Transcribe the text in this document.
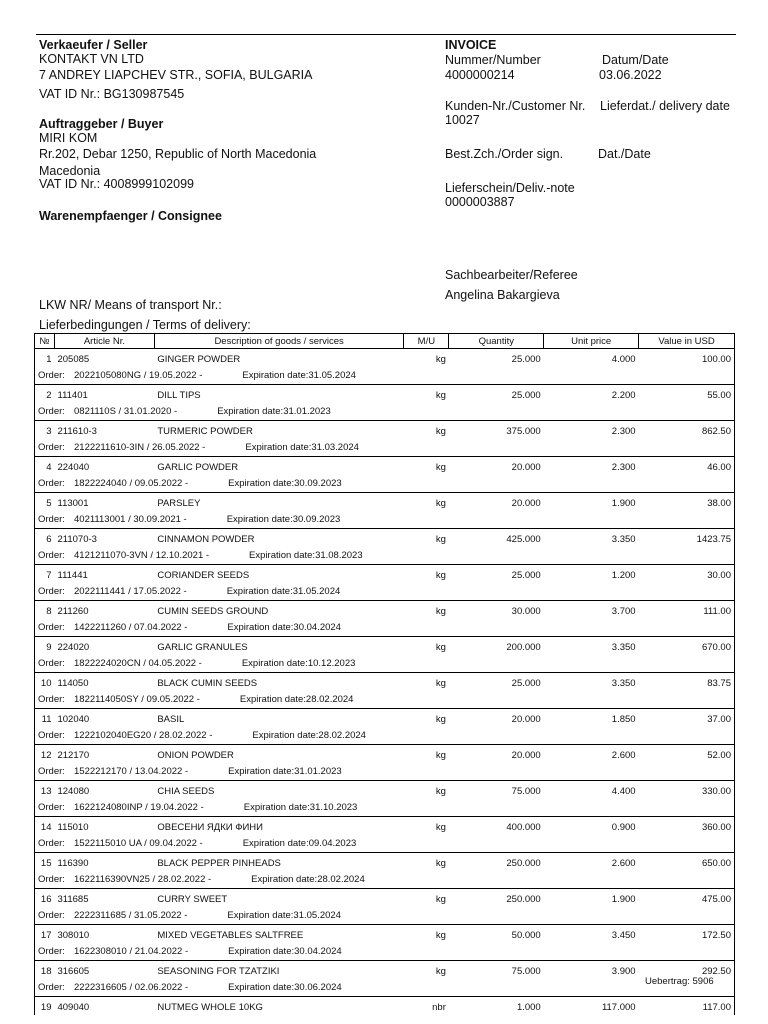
Verkaeufer / Seller
KONTAKT VN LTD
7 ANDREY LIAPCHEV STR., SOFIA, BULGARIA
VAT ID Nr.: BG130987545
Auftraggeber / Buyer
MIRI KOM
Rr.202, Debar 1250, Republic of North Macedonia
Macedonia
VAT ID Nr.: 4008999102099
Warenempfaenger / Consignee
LKW NR/ Means of transport Nr.:
Lieferbedingungen / Terms of delivery:
INVOICE
Nummer/Number	Datum/Date
4000000214	03.06.2022
Kunden-Nr./Customer Nr. Lieferdat./ delivery date
10027
Best.Zch./Order sign.	Dat./Date
Lieferschein/Deliv.-note
0000003887
Sachbearbeiter/Referee
Angelina Bakargieva
№	Article Nr.	Description of goods / services	M/U	Quantity	Unit price	Value in USD
1	205085	GINGER POWDER	kg	25.000	4.000	100.00
Order: 2022105080NG / 19.05.2022 - Expiration date:31.05.2024						
2	111401	DILL TIPS	kg	25.000	2.200	55.00
Order: 0821110S / 31.01.2020 - Expiration date:31.01.2023						
3	211610-3	TURMERIC POWDER	kg	375.000	2.300	862.50
Order: 2122211610-3IN / 26.05.2022 - Expiration date:31.03.2024						
4	224040	GARLIC POWDER	kg	20.000	2.300	46.00
Order: 1822224040 / 09.05.2022 - Expiration date:30.09.2023						
5	113001	PARSLEY	kg	20.000	1.900	38.00
Order: 4021113001 / 30.09.2021 - Expiration date:30.09.2023						
6	211070-3	CINNAMON POWDER	kg	425.000	3.350	1423.75
Order: 4121211070-3VN / 12.10.2021 - Expiration date:31.08.2023						
7	111441	CORIANDER SEEDS	kg	25.000	1.200	30.00
Order: 2022111441 / 17.05.2022 - Expiration date:31.05.2024						
8	211260	CUMIN SEEDS GROUND	kg	30.000	3.700	111.00
Order: 1422211260 / 07.04.2022 - Expiration date:30.04.2024						
9	224020	GARLIC GRANULES	kg	200.000	3.350	670.00
Order: 1822224020CN / 04.05.2022 - Expiration date:10.12.2023						
10	114050	BLACK CUMIN SEEDS	kg	25.000	3.350	83.75
Order: 1822114050SY / 09.05.2022 - Expiration date:28.02.2024						
11	102040	BASIL	kg	20.000	1.850	37.00
Order: 1222102040EG20 / 28.02.2022 - Expiration date:28.02.2024						
12	212170	ONION POWDER	kg	20.000	2.600	52.00
Order: 1522212170 / 13.04.2022 - Expiration date:31.01.2023						
13	124080	CHIA SEEDS	kg	75.000	4.400	330.00
Order: 1622124080INP / 19.04.2022 - Expiration date:31.10.2023						
14	115010	ОВЕСЕНИ ЯДКИ ФИНИ	kg	400.000	0.900	360.00
Order: 1522115010 UA / 09.04.2022 - Expiration date:09.04.2023						
15	116390	BLACK PEPPER PINHEADS	kg	250.000	2.600	650.00
Order: 1622116390VN25 / 28.02.2022 - Expiration date:28.02.2024						
16	311685	CURRY SWEET	kg	250.000	1.900	475.00
Order: 2222311685 / 31.05.2022 - Expiration date:31.05.2024						
17	308010	MIXED VEGETABLES SALTFREE	kg	50.000	3.450	172.50
Order: 1622308010 / 21.04.2022 - Expiration date:30.04.2024						
18	316605	SEASONING FOR TZATZIKI	kg	75.000	3.900	292.50
Order: 2222316605 / 02.06.2022 - Expiration date:30.06.2024						
19	409040	NUTMEG WHOLE 10KG	nbr	1.000	117.000	117.00
Uebertrag: 5906
